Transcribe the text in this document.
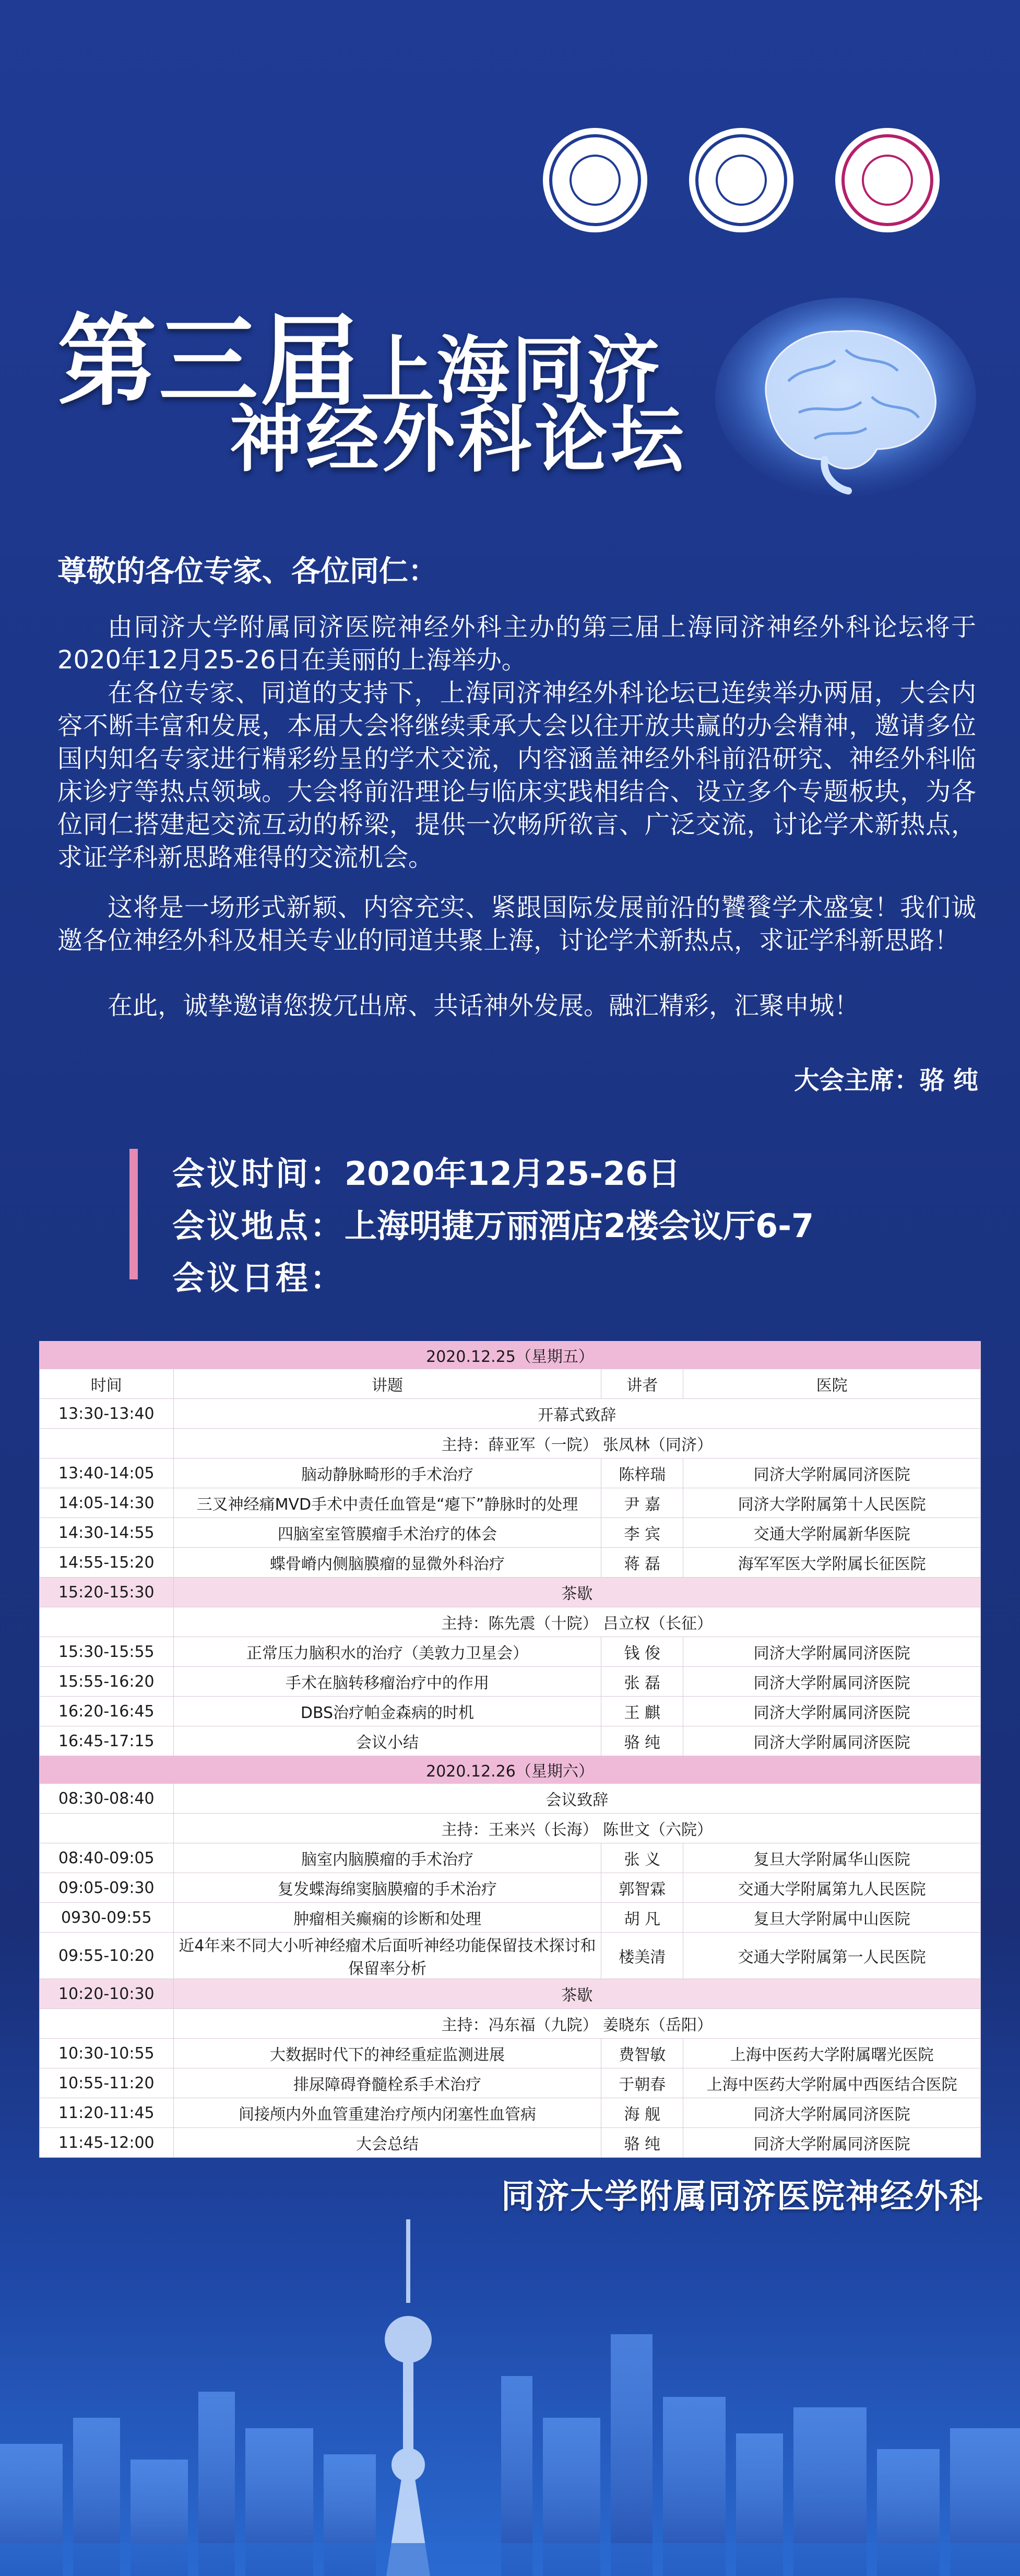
第三届上海同济
神经外科论坛
尊敬的各位专家、各位同仁：
由同济大学附属同济医院神经外科主办的第三届上海同济神经外科论坛将于2020年12月25-26日在美丽的上海举办。
在各位专家、同道的支持下，上海同济神经外科论坛已连续举办两届，大会内容不断丰富和发展，本届大会将继续秉承大会以往开放共赢的办会精神，邀请多位国内知名专家进行精彩纷呈的学术交流，内容涵盖神经外科前沿研究、神经外科临床诊疗等热点领域。大会将前沿理论与临床实践相结合、设立多个专题板块，为各位同仁搭建起交流互动的桥梁，提供一次畅所欲言、广泛交流，讨论学术新热点，求证学科新思路难得的交流机会。
这将是一场形式新颖、内容充实、紧跟国际发展前沿的饕餮学术盛宴！我们诚邀各位神经外科及相关专业的同道共聚上海，讨论学术新热点，求证学科新思路！
在此，诚挚邀请您拨冗出席、共话神外发展。融汇精彩，汇聚申城！
大会主席：骆 纯
会议时间：2020年12月25-26日
会议地点：上海明捷万丽酒店2楼会议厅6-7
会议日程：
2020.12.25（星期五）			
时间	讲题	讲者	医院
13:30-13:40	开幕式致辞		
	主持：薛亚军（一院） 张凤林（同济）		
13:40-14:05	脑动静脉畸形的手术治疗	陈梓瑞	同济大学附属同济医院
14:05-14:30	三叉神经痛MVD手术中责任血管是“瘪下”静脉时的处理	尹 嘉	同济大学附属第十人民医院
14:30-14:55	四脑室室管膜瘤手术治疗的体会	李 宾	交通大学附属新华医院
14:55-15:20	蝶骨嵴内侧脑膜瘤的显微外科治疗	蒋 磊	海军军医大学附属长征医院
15:20-15:30	茶歇		
	主持：陈先震（十院） 吕立权（长征）		
15:30-15:55	正常压力脑积水的治疗（美敦力卫星会）	钱 俊	同济大学附属同济医院
15:55-16:20	手术在脑转移瘤治疗中的作用	张 磊	同济大学附属同济医院
16:20-16:45	DBS治疗帕金森病的时机	王 麒	同济大学附属同济医院
16:45-17:15	会议小结	骆 纯	同济大学附属同济医院
2020.12.26（星期六）			
08:30-08:40	会议致辞		
	主持：王来兴（长海） 陈世文（六院）		
08:40-09:05	脑室内脑膜瘤的手术治疗	张 义	复旦大学附属华山医院
09:05-09:30	复发蝶海绵窦脑膜瘤的手术治疗	郭智霖	交通大学附属第九人民医院
0930-09:55	肿瘤相关癫痫的诊断和处理	胡 凡	复旦大学附属中山医院
09:55-10:20	近4年来不同大小听神经瘤术后面听神经功能保留技术探讨和保留率分析	楼美清	交通大学附属第一人民医院
10:20-10:30	茶歇		
	主持：冯东福（九院） 姜晓东（岳阳）		
10:30-10:55	大数据时代下的神经重症监测进展	费智敏	上海中医药大学附属曙光医院
10:55-11:20	排尿障碍脊髓栓系手术治疗	于朝春	上海中医药大学附属中西医结合医院
11:20-11:45	间接颅内外血管重建治疗颅内闭塞性血管病	海 舰	同济大学附属同济医院
11:45-12:00	大会总结	骆 纯	同济大学附属同济医院
同济大学附属同济医院神经外科
